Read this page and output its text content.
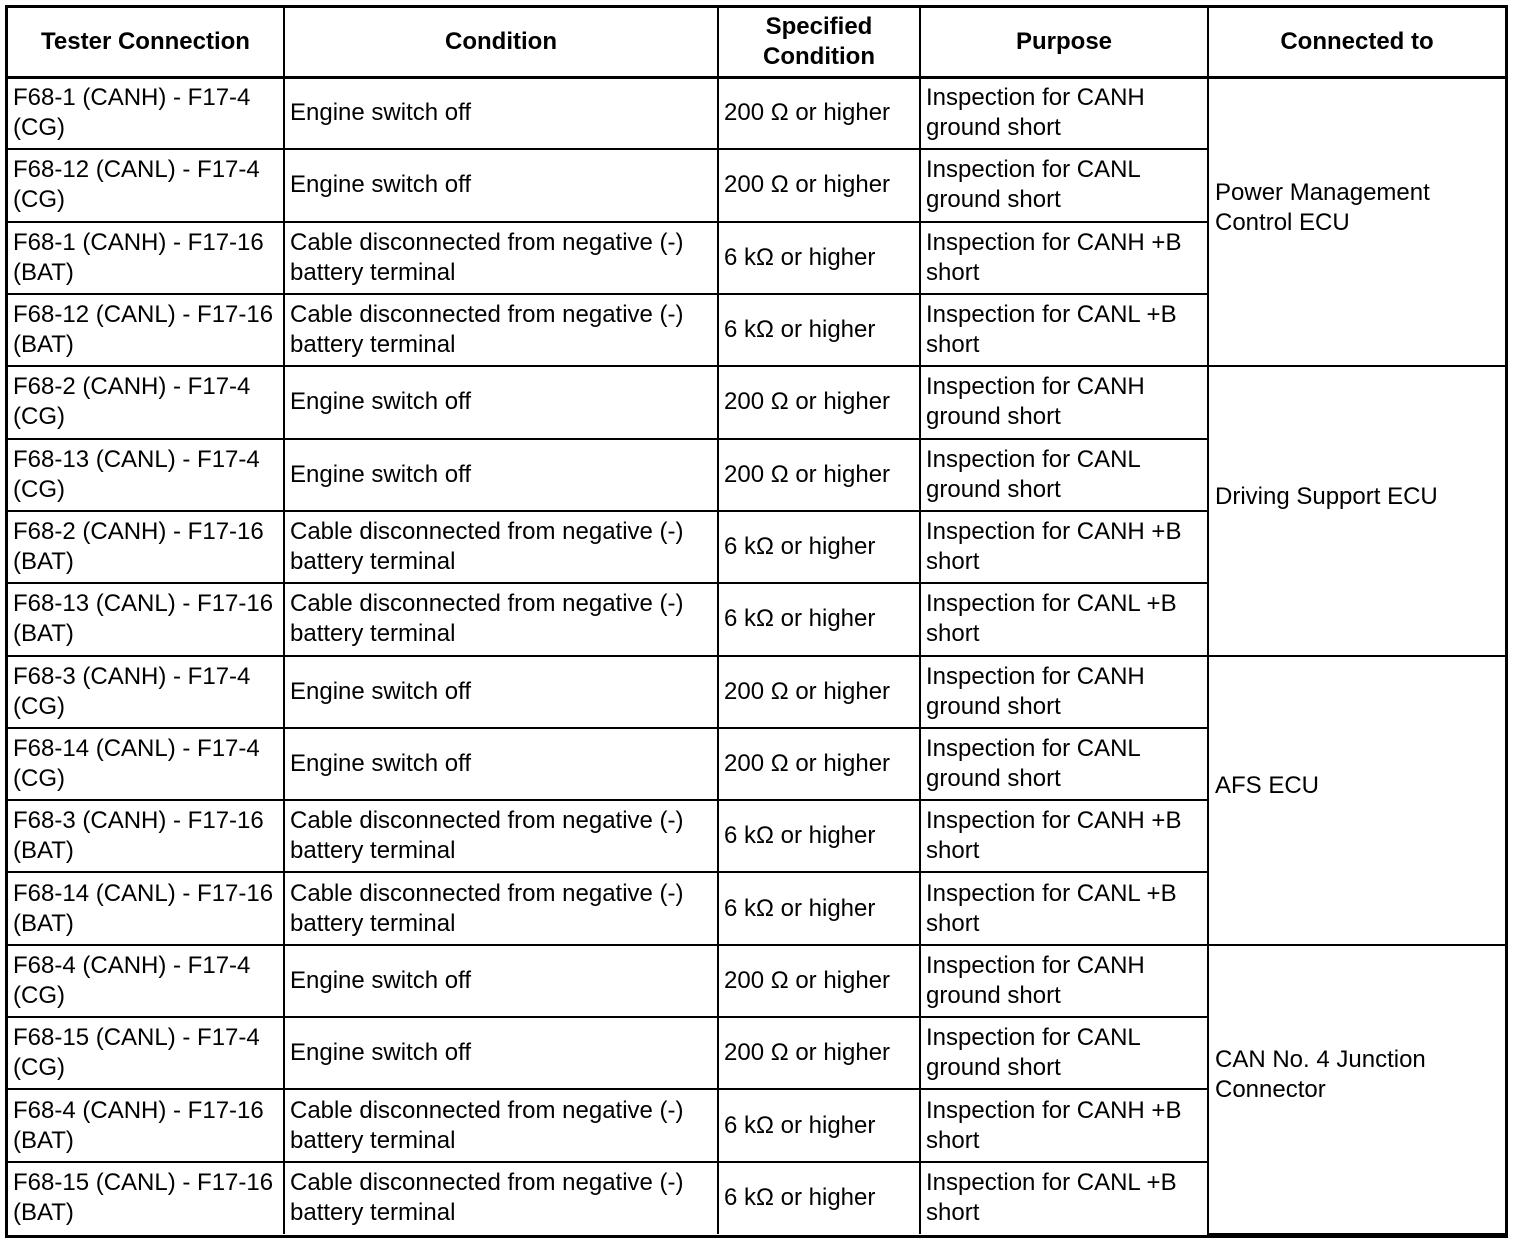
Tester Connection	Condition	Specified Condition	Purpose	Connected to
F68-1 (CANH) - F17-4 (CG)	Engine switch off	200 Ω or higher	Inspection for CANH ground short	Power Management Control ECU

F68-12 (CANL) - F17-4 (CG)	Engine switch off	200 Ω or higher	Inspection for CANL ground short	
F68-1 (CANH) - F17-16 (BAT)	Cable disconnected from negative (-) battery terminal	6 kΩ or higher	Inspection for CANH +B short	
F68-12 (CANL) - F17-16 (BAT)	Cable disconnected from negative (-) battery terminal	6 kΩ or higher	Inspection for CANL +B short	
F68-2 (CANH) - F17-4 (CG)	Engine switch off	200 Ω or higher	Inspection for CANH ground short	Driving Support ECU

F68-13 (CANL) - F17-4 (CG)	Engine switch off	200 Ω or higher	Inspection for CANL ground short	
F68-2 (CANH) - F17-16 (BAT)	Cable disconnected from negative (-) battery terminal	6 kΩ or higher	Inspection for CANH +B short	
F68-13 (CANL) - F17-16 (BAT)	Cable disconnected from negative (-) battery terminal	6 kΩ or higher	Inspection for CANL +B short	
F68-3 (CANH) - F17-4 (CG)	Engine switch off	200 Ω or higher	Inspection for CANH ground short	AFS ECU

F68-14 (CANL) - F17-4 (CG)	Engine switch off	200 Ω or higher	Inspection for CANL ground short	
F68-3 (CANH) - F17-16 (BAT)	Cable disconnected from negative (-) battery terminal	6 kΩ or higher	Inspection for CANH +B short	
F68-14 (CANL) - F17-16 (BAT)	Cable disconnected from negative (-) battery terminal	6 kΩ or higher	Inspection for CANL +B short	
F68-4 (CANH) - F17-4 (CG)	Engine switch off	200 Ω or higher	Inspection for CANH ground short	CAN No. 4 Junction Connector

F68-15 (CANL) - F17-4 (CG)	Engine switch off	200 Ω or higher	Inspection for CANL ground short	
F68-4 (CANH) - F17-16 (BAT)	Cable disconnected from negative (-) battery terminal	6 kΩ or higher	Inspection for CANH +B short	
F68-15 (CANL) - F17-16 (BAT)	Cable disconnected from negative (-) battery terminal	6 kΩ or higher	Inspection for CANL +B short	
